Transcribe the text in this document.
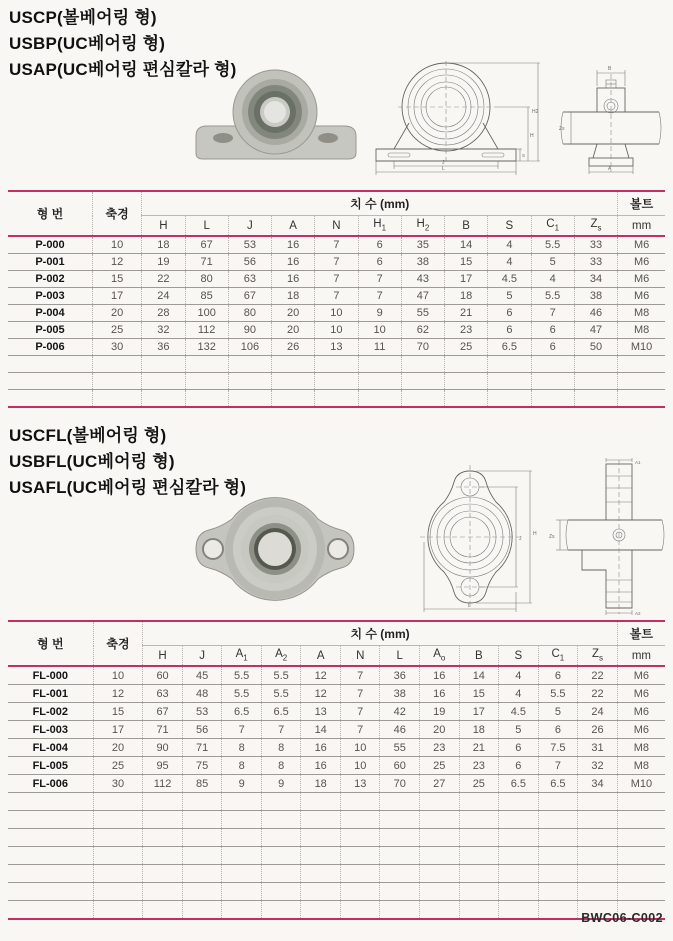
USCP(볼베어링 형)
USBP(UC베어링 형)
USAP(UC베어링 편심칼라 형)
J
L
S
H
H2
B
Zs
A
형 번	축경	치 수 (mm)											볼트
		H	L	J	A	N	$H_1$	$H_2$	B	S	$C_1$	$Z_s$	mm
P-000	10	18	67	53	16	7	6	35	14	4	5.5	33	M6
P-001	12	19	71	56	16	7	6	38	15	4	5	33	M6
P-002	15	22	80	63	16	7	7	43	17	4.5	4	34	M6
P-003	17	24	85	67	18	7	7	47	18	5	5.5	38	M6
P-004	20	28	100	80	20	10	9	55	21	6	7	46	M8
P-005	25	32	112	90	20	10	10	62	23	6	6	47	M8
P-006	30	36	132	106	26	13	11	70	25	6.5	6	50	M10

USCFL(볼베어링 형)
USBFL(UC베어링 형)
USAFL(UC베어링 편심칼라 형)
J
H
L
Zs
A1
A2
형 번	축경	치 수 (mm)												볼트
		H	J	$A_1$	$A_2$	A	N	L	$A_o$	B	S	$C_1$	$Z_s$	mm
FL-000	10	60	45	5.5	5.5	12	7	36	16	14	4	6	22	M6
FL-001	12	63	48	5.5	5.5	12	7	38	16	15	4	5.5	22	M6
FL-002	15	67	53	6.5	6.5	13	7	42	19	17	4.5	5	24	M6
FL-003	17	71	56	7	7	14	7	46	20	18	5	6	26	M6
FL-004	20	90	71	8	8	16	10	55	23	21	6	7.5	31	M8
FL-005	25	95	75	8	8	16	10	60	25	23	6	7	32	M8
FL-006	30	112	85	9	9	18	13	70	27	25	6.5	6.5	34	M10

BWC06-C002
